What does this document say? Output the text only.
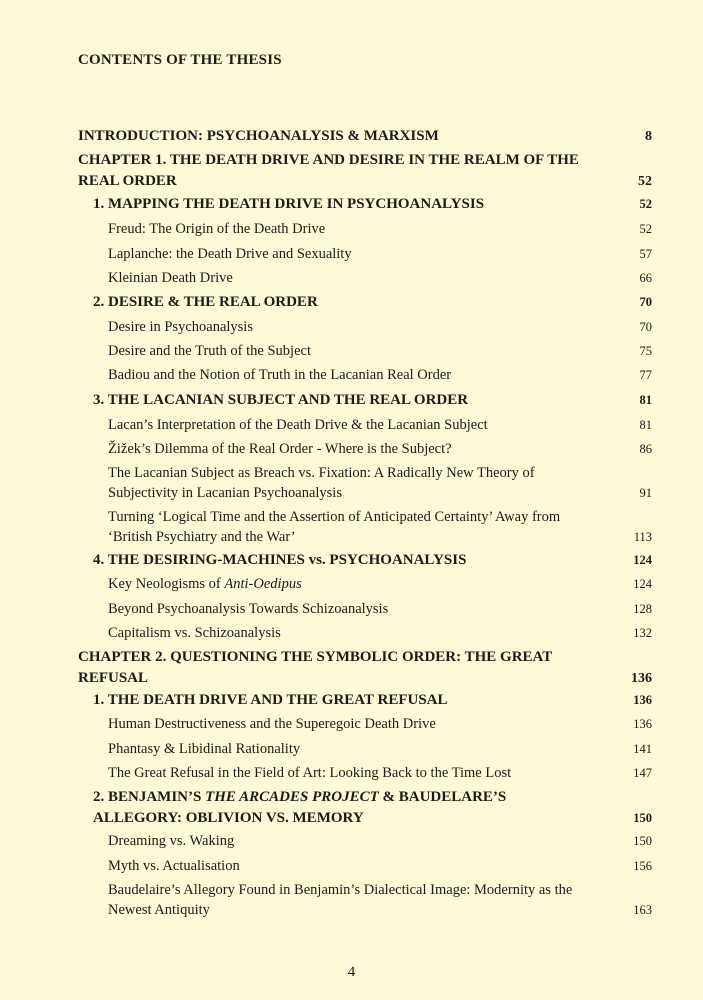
CONTENTS OF THE THESIS
INTRODUCTION: PSYCHOANALYSIS & MARXISM	8
CHAPTER 1. THE DEATH DRIVE AND DESIRE IN THE REALM OF THE REAL ORDER	52
1. MAPPING THE DEATH DRIVE IN PSYCHOANALYSIS	52
Freud: The Origin of the Death Drive	52
Laplanche: the Death Drive and Sexuality	57
Kleinian Death Drive	66
2. DESIRE & THE REAL ORDER	70
Desire in Psychoanalysis	70
Desire and the Truth of the Subject	75
Badiou and the Notion of Truth in the Lacanian Real Order	77
3. THE LACANIAN SUBJECT AND THE REAL ORDER	81
Lacan’s Interpretation of the Death Drive & the Lacanian Subject	81
Žižek’s Dilemma of the Real Order - Where is the Subject?	86
The Lacanian Subject as Breach vs. Fixation: A Radically New Theory of Subjectivity in Lacanian Psychoanalysis	91
Turning ‘Logical Time and the Assertion of Anticipated Certainty’ Away from ‘British Psychiatry and the War’	113
4. THE DESIRING-MACHINES vs. PSYCHOANALYSIS	124
Key Neologisms of Anti-Oedipus	124
Beyond Psychoanalysis Towards Schizoanalysis	128
Capitalism vs. Schizoanalysis	132
CHAPTER 2. QUESTIONING THE SYMBOLIC ORDER: THE GREAT REFUSAL	136
1. THE DEATH DRIVE AND THE GREAT REFUSAL	136
Human Destructiveness and the Superegoic Death Drive	136
Phantasy & Libidinal Rationality	141
The Great Refusal in the Field of Art: Looking Back to the Time Lost	147
2. BENJAMIN’S THE ARCADES PROJECT & BAUDELARE’S ALLEGORY: OBLIVION VS. MEMORY	150
Dreaming vs. Waking	150
Myth vs. Actualisation	156
Baudelaire’s Allegory Found in Benjamin’s Dialectical Image: Modernity as the Newest Antiquity	163
4
